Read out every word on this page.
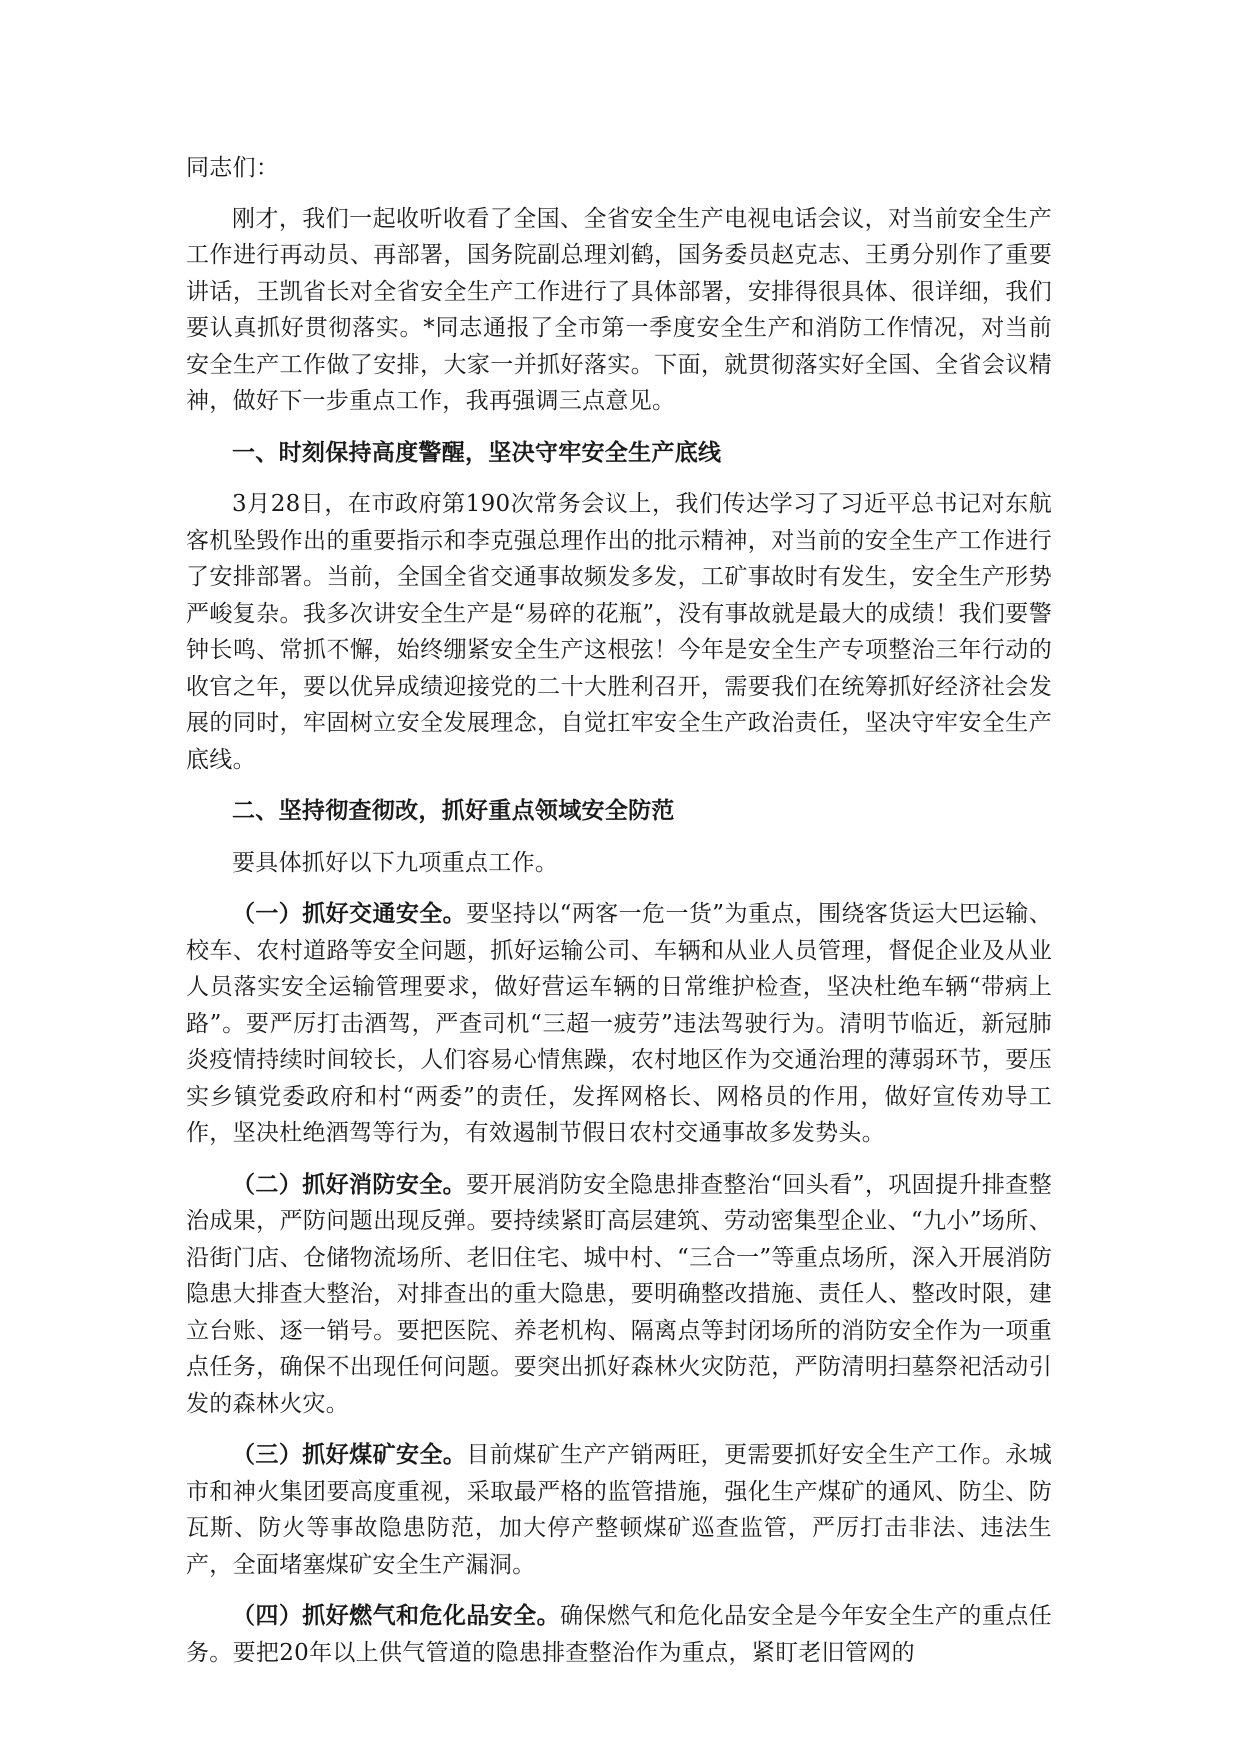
同志们：

刚才，我们一起收听收看了全国、全省安全生产电视电话会议，对当前安全生产工作进行再动员、再部署，国务院副总理刘鹤，国务委员赵克志、王勇分别作了重要讲话，王凯省长对全省安全生产工作进行了具体部署，安排得很具体、很详细，我们要认真抓好贯彻落实。*同志通报了全市第一季度安全生产和消防工作情况，对当前安全生产工作做了安排，大家一并抓好落实。下面，就贯彻落实好全国、全省会议精神，做好下一步重点工作，我再强调三点意见。

一、时刻保持高度警醒，坚决守牢安全生产底线

3月28日，在市政府第190次常务会议上，我们传达学习了习近平总书记对东航客机坠毁作出的重要指示和李克强总理作出的批示精神，对当前的安全生产工作进行了安排部署。当前，全国全省交通事故频发多发，工矿事故时有发生，安全生产形势严峻复杂。我多次讲安全生产是“易碎的花瓶”，没有事故就是最大的成绩！我们要警钟长鸣、常抓不懈，始终绷紧安全生产这根弦！今年是安全生产专项整治三年行动的收官之年，要以优异成绩迎接党的二十大胜利召开，需要我们在统筹抓好经济社会发展的同时，牢固树立安全发展理念，自觉扛牢安全生产政治责任，坚决守牢安全生产底线。

二、坚持彻查彻改，抓好重点领域安全防范

要具体抓好以下九项重点工作。

（一）抓好交通安全。要坚持以“两客一危一货”为重点，围绕客货运大巴运输、校车、农村道路等安全问题，抓好运输公司、车辆和从业人员管理，督促企业及从业人员落实安全运输管理要求，做好营运车辆的日常维护检查，坚决杜绝车辆“带病上路”。要严厉打击酒驾，严查司机“三超一疲劳”违法驾驶行为。清明节临近，新冠肺炎疫情持续时间较长，人们容易心情焦躁，农村地区作为交通治理的薄弱环节，要压实乡镇党委政府和村“两委”的责任，发挥网格长、网格员的作用，做好宣传劝导工作，坚决杜绝酒驾等行为，有效遏制节假日农村交通事故多发势头。

（二）抓好消防安全。要开展消防安全隐患排查整治“回头看”，巩固提升排查整治成果，严防问题出现反弹。要持续紧盯高层建筑、劳动密集型企业、“九小”场所、沿街门店、仓储物流场所、老旧住宅、城中村、“三合一”等重点场所，深入开展消防隐患大排查大整治，对排查出的重大隐患，要明确整改措施、责任人、整改时限，建立台账、逐一销号。要把医院、养老机构、隔离点等封闭场所的消防安全作为一项重点任务，确保不出现任何问题。要突出抓好森林火灾防范，严防清明扫墓祭祀活动引发的森林火灾。

（三）抓好煤矿安全。目前煤矿生产产销两旺，更需要抓好安全生产工作。永城市和神火集团要高度重视，采取最严格的监管措施，强化生产煤矿的通风、防尘、防瓦斯、防火等事故隐患防范，加大停产整顿煤矿巡查监管，严厉打击非法、违法生产，全面堵塞煤矿安全生产漏洞。

（四）抓好燃气和危化品安全。确保燃气和危化品安全是今年安全生产的重点任务。要把20年以上供气管道的隐患排查整治作为重点，紧盯老旧管网的
